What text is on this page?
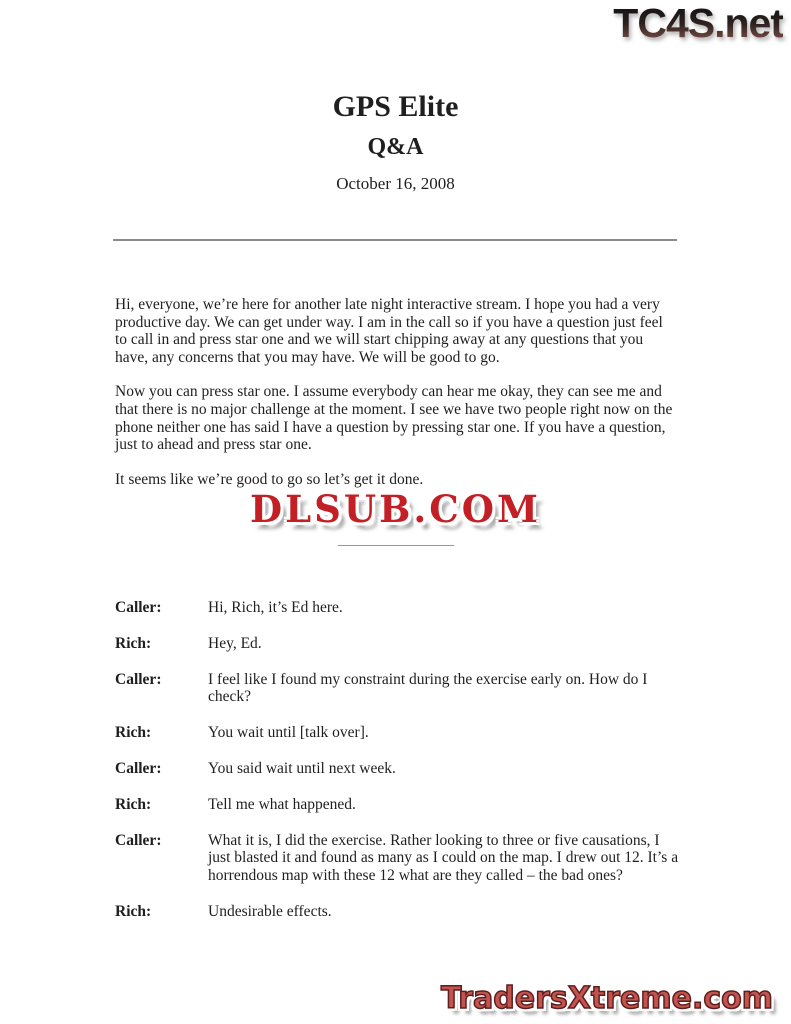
TC4S.net
GPS Elite
Q&A
October 16, 2008

Hi, everyone, we’re here for another late night interactive stream. I hope you had a very productive day. We can get under way. I am in the call so if you have a question just feel to call in and press star one and we will start chipping away at any questions that you have, any concerns that you may have. We will be good to go.

Now you can press star one. I assume everybody can hear me okay, they can see me and that there is no major challenge at the moment. I see we have two people right now on the phone neither one has said I have a question by pressing star one. If you have a question, just to ahead and press star one.

It seems like we’re good to go so let’s get it done.

DLSUB.COM
Caller:	Hi, Rich, it’s Ed here.
Rich:	Hey, Ed.
Caller:	I feel like I found my constraint during the exercise early on. How do I check?
Rich:	You wait until [talk over].
Caller:	You said wait until next week.
Rich:	Tell me what happened.
Caller:	What it is, I did the exercise. Rather looking to three or five causations, I just blasted it and found as many as I could on the map. I drew out 12. It’s a horrendous map with these 12 what are they called – the bad ones?
Rich:	Undesirable effects.
TradersXtreme.com
